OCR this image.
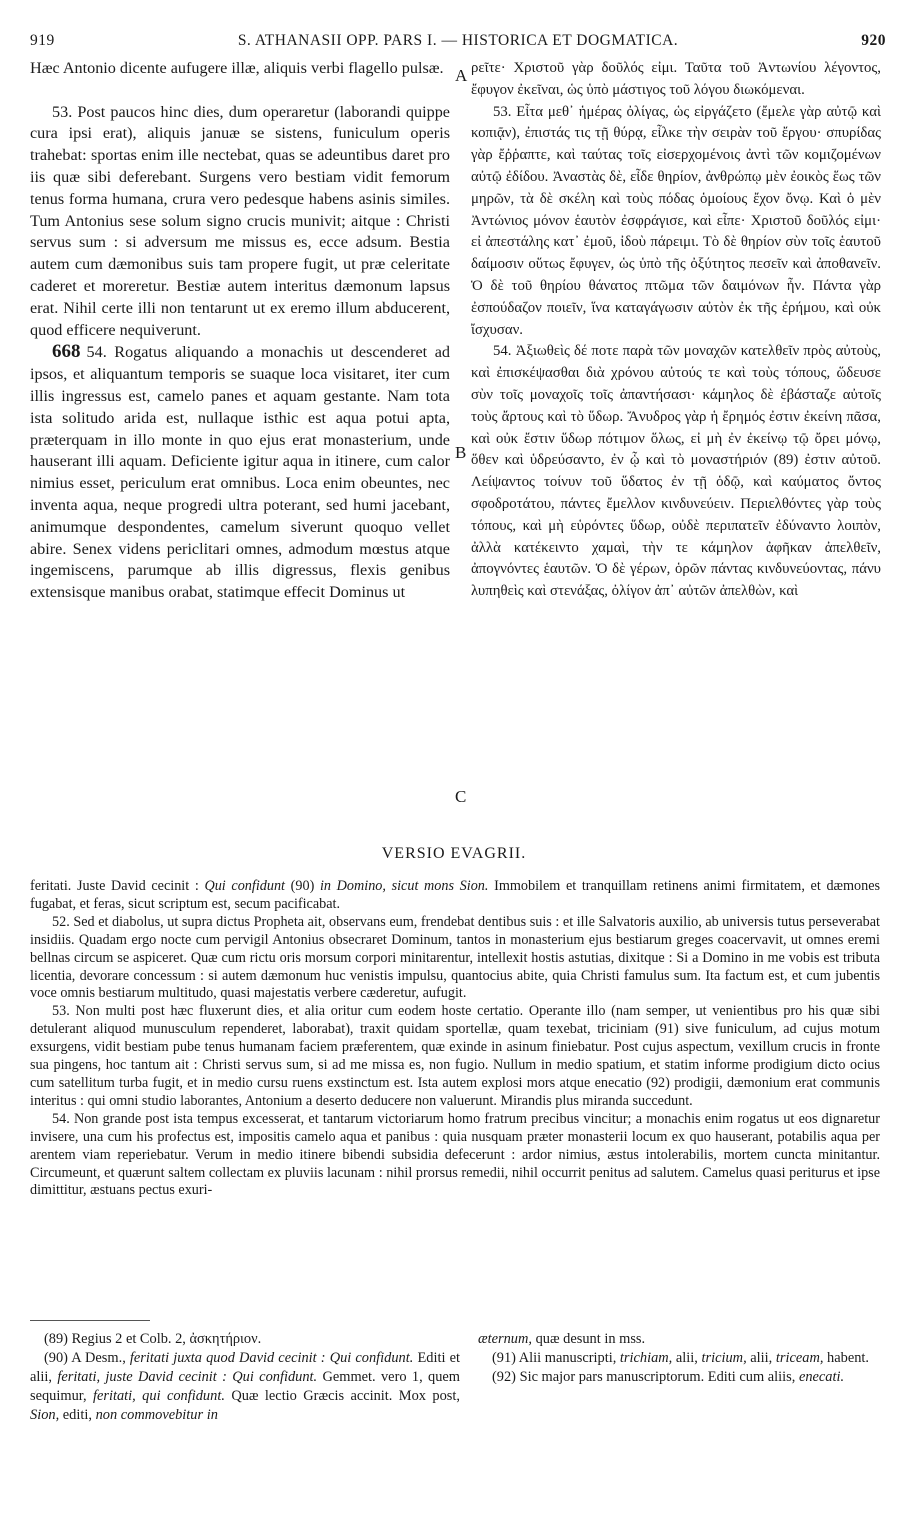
919	S. ATHANASII OPP. PARS I. — HISTORICA ET DOGMATICA.	920

Hæc Antonio dicente aufugere illæ, aliquis verbi flagello pulsæ.

53. Post paucos hinc dies, dum operaretur (laborandi quippe cura ipsi erat), aliquis januæ se sistens, funiculum operis trahebat: sportas enim ille nectebat, quas se adeuntibus daret pro iis quæ sibi deferebant. Surgens vero bestiam vidit femorum tenus forma humana, crura vero pedesque habens asinis similes. Tum Antonius sese solum signo crucis munivit; aitque : Christi servus sum : si adversum me missus es, ecce adsum. Bestia autem cum dæmonibus suis tam propere fugit, ut præ celeritate caderet et moreretur. Bestiæ autem interitus dæmonum lapsus erat. Nihil certe illi non tentarunt ut ex eremo illum abducerent, quod efficere nequiverunt.

668 54. Rogatus aliquando a monachis ut descenderet ad ipsos, et aliquantum temporis se suaque loca visitaret, iter cum illis ingressus est, camelo panes et aquam gestante. Nam tota ista solitudo arida est, nullaque isthic est aqua potui apta, præterquam in illo monte in quo ejus erat monasterium, unde hauserant illi aquam. Deficiente igitur aqua in itinere, cum calor nimius esset, periculum erat omnibus. Loca enim obeuntes, nec inventa aqua, neque progredi ultra poterant, sed humi jacebant, animumque despondentes, camelum siverunt quoquo vellet abire. Senex videns periclitari omnes, admodum mœstus atque ingemiscens, parumque ab illis digressus, flexis genibus extensisque manibus orabat, statimque effecit Dominus ut

A
B
C

ρεῖτε· Χριστοῦ γὰρ δοῦλός εἰμι. Ταῦτα τοῦ Ἀντωνίου λέγοντος, ἔφυγον ἐκεῖναι, ὡς ὑπὸ μάστιγος τοῦ λόγου διωκόμεναι.

53. Εἶτα μεθ᾽ ἡμέρας ὀλίγας, ὡς εἰργάζετο (ἔμελε γὰρ αὐτῷ καὶ κοπιᾷν), ἐπιστάς τις τῇ θύρᾳ, εἷλκε τὴν σειρὰν τοῦ ἔργου· σπυρίδας γὰρ ἔῤῥαπτε, καὶ ταύτας τοῖς εἰσερχομένοις ἀντὶ τῶν κομιζομένων αὐτῷ ἐδίδου. Ἀναστὰς δὲ, εἶδε θηρίον, ἀνθρώπῳ μὲν ἐοικὸς ἕως τῶν μηρῶν, τὰ δὲ σκέλη καὶ τοὺς πόδας ὁμοίους ἔχον ὄνῳ. Καὶ ὁ μὲν Ἀντώνιος μόνον ἑαυτὸν ἐσφράγισε, καὶ εἶπε· Χριστοῦ δοῦλός εἰμι· εἰ ἀπεστάλης κατ᾽ ἐμοῦ, ἰδοὺ πάρειμι. Τὸ δὲ θηρίον σὺν τοῖς ἑαυτοῦ δαίμοσιν οὕτως ἔφυγεν, ὡς ὑπὸ τῆς ὀξύτητος πεσεῖν καὶ ἀποθανεῖν. Ὁ δὲ τοῦ θηρίου θάνατος πτῶμα τῶν δαιμόνων ἦν. Πάντα γὰρ ἐσπούδαζον ποιεῖν, ἵνα καταγάγωσιν αὐτὸν ἐκ τῆς ἐρήμου, καὶ οὐκ ἴσχυσαν.

54. Ἀξιωθεὶς δέ ποτε παρὰ τῶν μοναχῶν κατελθεῖν πρὸς αὐτοὺς, καὶ ἐπισκέψασθαι διὰ χρόνου αὐτούς τε καὶ τοὺς τόπους, ὥδευσε σὺν τοῖς μοναχοῖς τοῖς ἀπαντήσασι· κάμηλος δὲ ἐβάσταζε αὐτοῖς τοὺς ἄρτους καὶ τὸ ὕδωρ. Ἄνυδρος γὰρ ἡ ἔρημός ἐστιν ἐκείνη πᾶσα, καὶ οὐκ ἔστιν ὕδωρ πότιμον ὅλως, εἰ μὴ ἐν ἐκείνῳ τῷ ὄρει μόνῳ, ὅθεν καὶ ὑδρεύσαντο, ἐν ᾧ καὶ τὸ μοναστήριόν (89) ἐστιν αὐτοῦ. Λείψαντος τοίνυν τοῦ ὕδατος ἐν τῇ ὁδῷ, καὶ καύματος ὄντος σφοδροτάτου, πάντες ἔμελλον κινδυνεύειν. Περιελθόντες γὰρ τοὺς τόπους, καὶ μὴ εὑρόντες ὕδωρ, οὐδὲ περιπατεῖν ἐδύναντο λοιπὸν, ἀλλὰ κατέκειντο χαμαὶ, τὴν τε κάμηλον ἀφῆκαν ἀπελθεῖν, ἀπογνόντες ἑαυτῶν. Ὁ δὲ γέρων, ὁρῶν πάντας κινδυνεύοντας, πάνυ λυπηθεὶς καὶ στενάξας, ὀλίγον ἀπ᾽ αὐτῶν ἀπελθὼν, καὶ

VERSIO EVAGRII.

feritati. Juste David cecinit : Qui confidunt (90) in Domino, sicut mons Sion. Immobilem et tranquillam retinens animi firmitatem, et dæmones fugabat, et feras, sicut scriptum est, secum pacificabat.

52. Sed et diabolus, ut supra dictus Propheta ait, observans eum, frendebat dentibus suis : et ille Salvatoris auxilio, ab universis tutus perseverabat insidiis. Quadam ergo nocte cum pervigil Antonius obsecraret Dominum, tantos in monasterium ejus bestiarum greges coacervavit, ut omnes eremi bellnas circum se aspiceret. Quæ cum rictu oris morsum corpori minitarentur, intellexit hostis astutias, dixitque : Si a Domino in me vobis est tributa licentia, devorare concessum : si autem dæmonum huc venistis impulsu, quantocius abite, quia Christi famulus sum. Ita factum est, et cum jubentis voce omnis bestiarum multitudo, quasi majestatis verbere cæderetur, aufugit.

53. Non multi post hæc fluxerunt dies, et alia oritur cum eodem hoste certatio. Operante illo (nam semper, ut venientibus pro his quæ sibi detulerant aliquod munusculum rependeret, laborabat), traxit quidam sportellæ, quam texebat, triciniam (91) sive funiculum, ad cujus motum exsurgens, vidit bestiam pube tenus humanam faciem præferentem, quæ exinde in asinum finiebatur. Post cujus aspectum, vexillum crucis in fronte sua pingens, hoc tantum ait : Christi servus sum, si ad me missa es, non fugio. Nullum in medio spatium, et statim informe prodigium dicto ocius cum satellitum turba fugit, et in medio cursu ruens exstinctum est. Ista autem explosi mors atque enecatio (92) prodigii, dæmonium erat communis interitus : qui omni studio laborantes, Antonium a deserto deducere non valuerunt. Mirandis plus miranda succedunt.

54. Non grande post ista tempus excesserat, et tantarum victoriarum homo fratrum precibus vincitur; a monachis enim rogatus ut eos dignaretur invisere, una cum his profectus est, impositis camelo aqua et panibus : quia nusquam præter monasterii locum ex quo hauserant, potabilis aqua per arentem viam reperiebatur. Verum in medio itinere bibendi subsidia defecerunt : ardor nimius, æstus intolerabilis, mortem cuncta minitantur. Circumeunt, et quærunt saltem collectam ex pluviis lacunam : nihil prorsus remedii, nihil occurrit penitus ad salutem. Camelus quasi periturus et ipse dimittitur, æstuans pectus exuri-

(89) Regius 2 et Colb. 2, ἀσκητήριον.

(90) A Desm., feritati juxta quod David cecinit : Qui confidunt. Editi et alii, feritati, juste David cecinit : Qui confidunt. Gemmet. vero 1, quem sequimur, feritati, qui confidunt. Quæ lectio Græcis accinit. Mox post, Sion, editi, non commovebitur in

æternum, quæ desunt in mss.

(91) Alii manuscripti, trichiam, alii, tricium, alii, triceam, habent.

(92) Sic major pars manuscriptorum. Editi cum aliis, enecati.
